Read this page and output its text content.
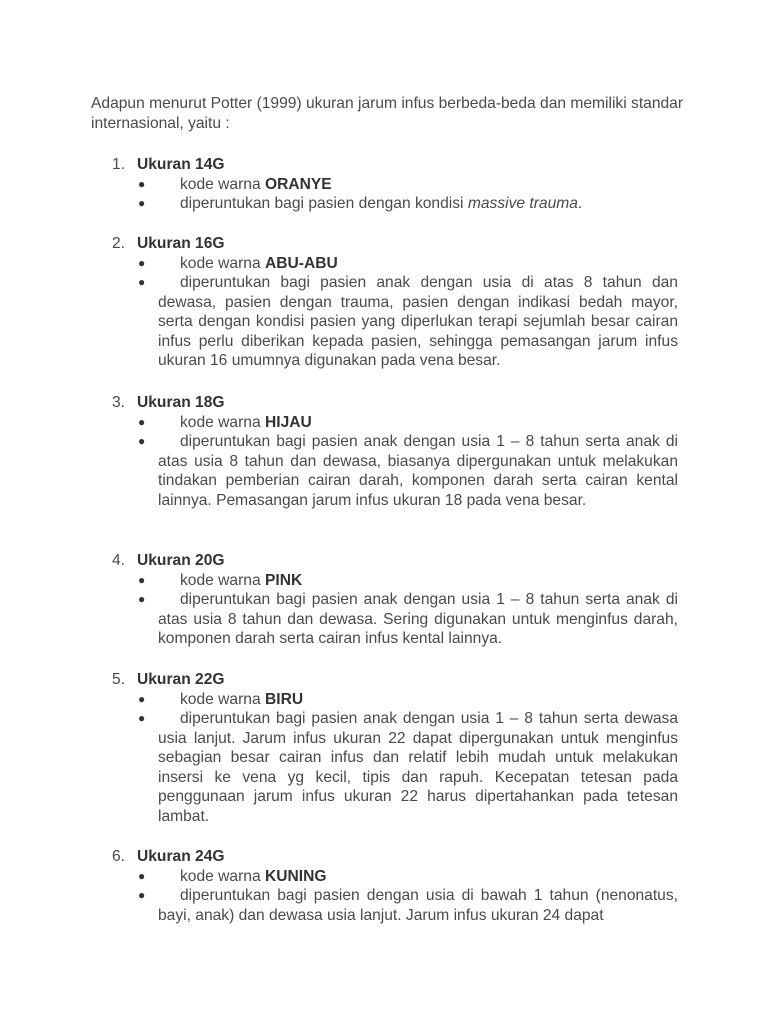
Adapun menurut Potter (1999) ukuran jarum infus berbeda-beda dan memiliki standar internasional, yaitu :

1. Ukuran 14G
●	kode warna ORANYE

●	diperuntukan bagi pasien dengan kondisi massive trauma.

2. Ukuran 16G
●	kode warna ABU-ABU

●	diperuntukan bagi pasien anak dengan usia di atas 8 tahun dan dewasa, pasien dengan trauma, pasien dengan indikasi bedah mayor, serta dengan kondisi pasien yang diperlukan terapi sejumlah besar cairan infus perlu diberikan kepada pasien, sehingga pemasangan jarum infus ukuran 16 umumnya digunakan pada vena besar.

3. Ukuran 18G
●	kode warna HIJAU

●	diperuntukan bagi pasien anak dengan usia 1 – 8 tahun serta anak di atas usia 8 tahun dan dewasa, biasanya dipergunakan untuk melakukan tindakan pemberian cairan darah, komponen darah serta cairan kental lainnya. Pemasangan jarum infus ukuran 18 pada vena besar.

4. Ukuran 20G
●	kode warna PINK

●	diperuntukan bagi pasien anak dengan usia 1 – 8 tahun serta anak di atas usia 8 tahun dan dewasa. Sering digunakan untuk menginfus darah, komponen darah serta cairan infus kental lainnya.

5. Ukuran 22G
●	kode warna BIRU

●	diperuntukan bagi pasien anak dengan usia 1 – 8 tahun serta dewasa usia lanjut. Jarum infus ukuran 22 dapat dipergunakan untuk menginfus sebagian besar cairan infus dan relatif lebih mudah untuk melakukan insersi ke vena yg kecil, tipis dan rapuh. Kecepatan tetesan pada penggunaan jarum infus ukuran 22 harus dipertahankan pada tetesan lambat.

6. Ukuran 24G
●	kode warna KUNING

●	diperuntukan bagi pasien dengan usia di bawah 1 tahun (nenonatus, bayi, anak) dan dewasa usia lanjut. Jarum infus ukuran 24 dapat
